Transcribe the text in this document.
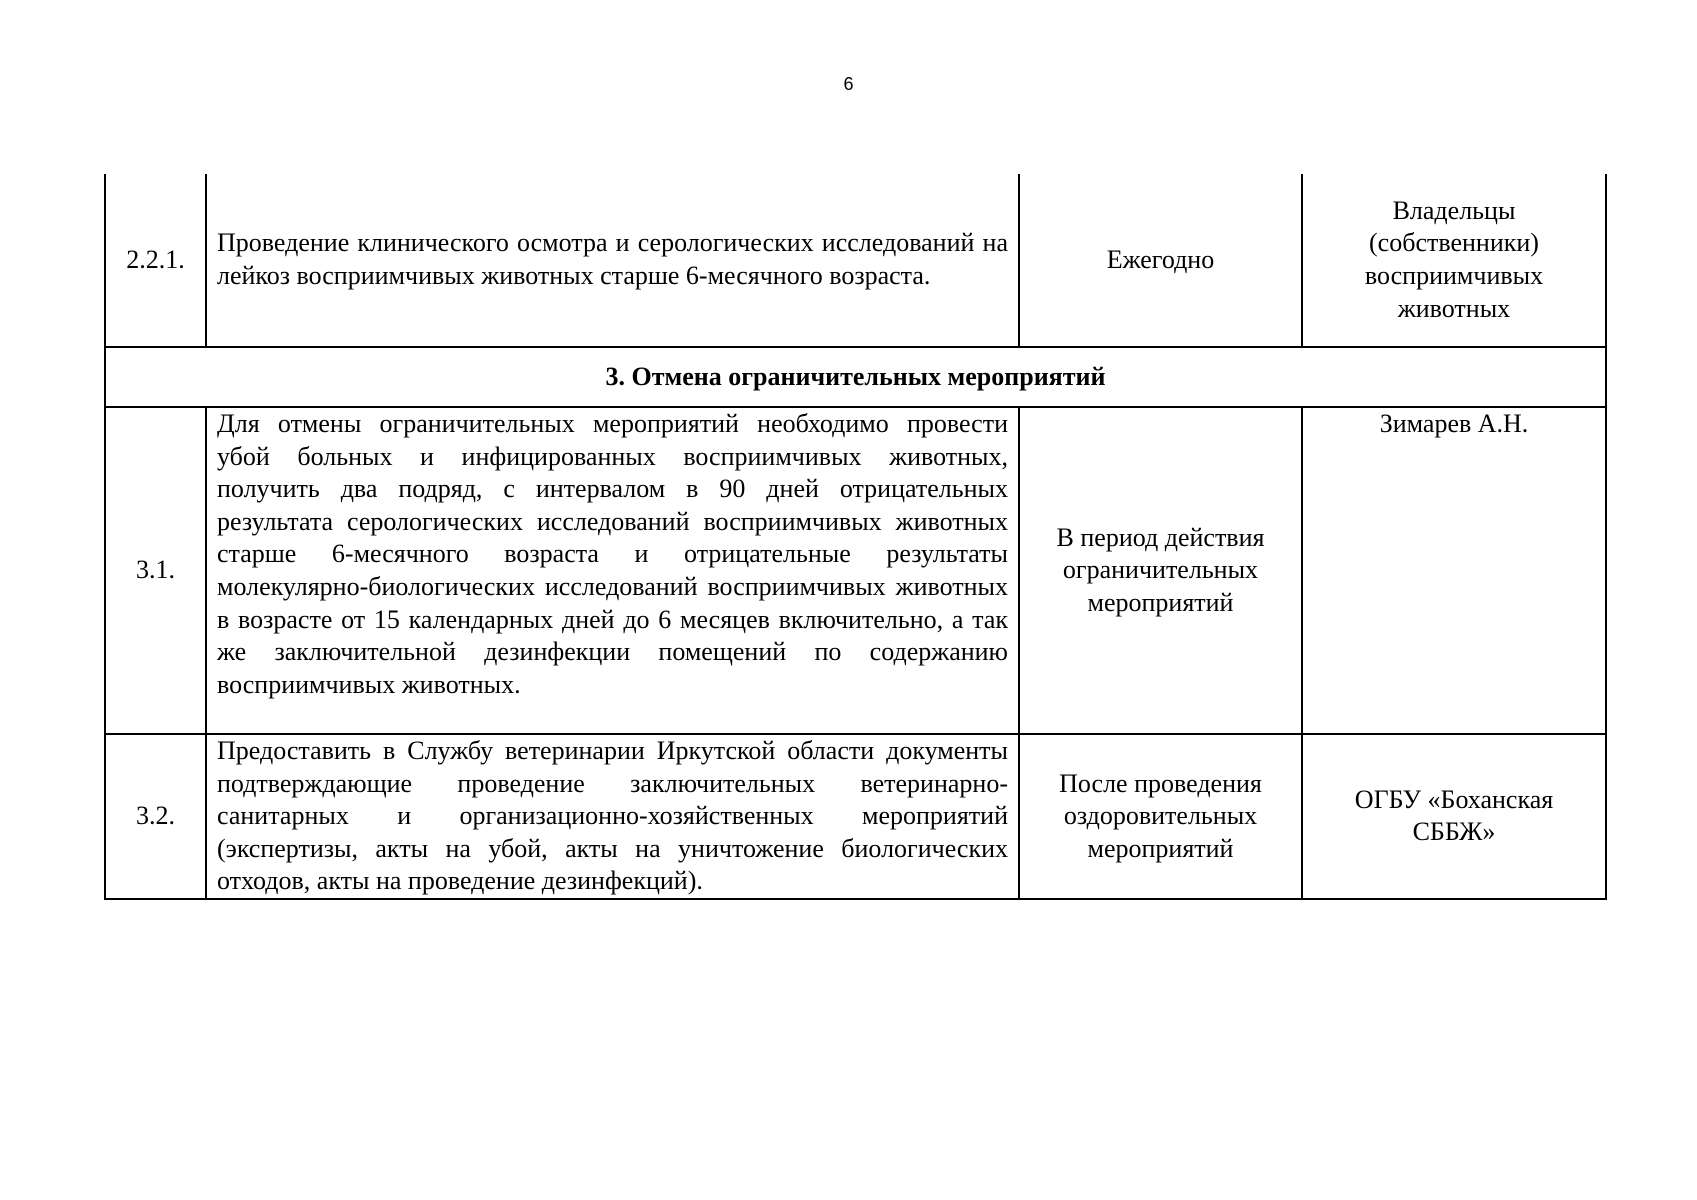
6
2.2.1.	Проведение клинического осмотра и серологических исследований на лейкоз восприимчивых животных старше 6-месячного возраста.	Ежегодно	Владельцы (собственники) восприимчивых животных
3. Отмена ограничительных мероприятий			
3.1.	Для отмены ограничительных мероприятий необходимо провести убой больных и инфицированных восприимчивых животных, получить два подряд, с интервалом в 90 дней отрицательных результата серологических исследований восприимчивых животных старше 6-месячного возраста и отрицательные результаты молекулярно-биологических исследований восприимчивых животных в возрасте от 15 календарных дней до 6 месяцев включительно, а так же заключительной дезинфекции помещений по содержанию восприимчивых животных.	В период действия ограничительных мероприятий	Зимарев А.Н.
3.2.	Предоставить в Службу ветеринарии Иркутской области документы подтверждающие проведение заключительных ветеринарно-санитарных и организационно-хозяйственных мероприятий (экспертизы, акты на убой, акты на уничтожение биологических отходов, акты на проведение дезинфекций).	После проведения оздоровительных мероприятий	ОГБУ «Боханская СББЖ»
